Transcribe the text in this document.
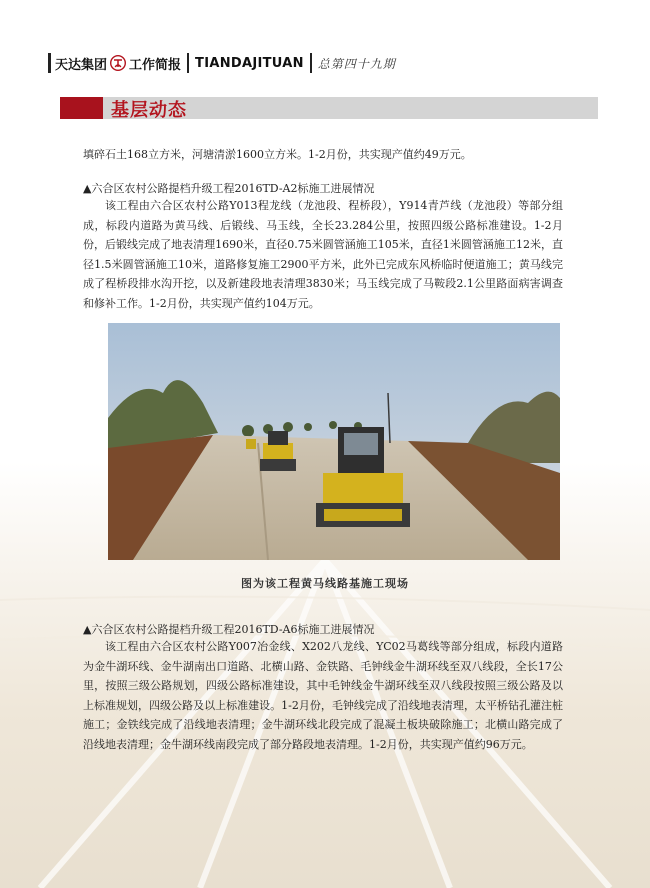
天达集团 工作简报 TIANDAJITUAN 总第四十九期
基层动态

填碎石土168立方米，河塘清淤1600立方米。1-2月份，共实现产值约49万元。

▲六合区农村公路提档升级工程2016TD-A2标施工进展情况

该工程由六合区农村公路Y013程龙线（龙池段、程桥段），Y914青芦线（龙池段）等部分组成，标段内道路为黄马线、后锻线、马玉线，全长23.284公里，按照四级公路标准建设。1-2月份，后锻线完成了地表清理1690米，直径0.75米圆管涵施工105米，直径1米圆管涵施工12米，直径1.5米圆管涵施工10米，道路修复施工2900平方米，此外已完成东风桥临时便道施工；黄马线完成了程桥段排水沟开挖，以及新建段地表清理3830米；马玉线完成了马鞍段2.1公里路面病害调查和修补工作。1-2月份，共实现产值约104万元。

图为该工程黄马线路基施工现场

▲六合区农村公路提档升级工程2016TD-A6标施工进展情况

该工程由六合区农村公路Y007冶金线、X202八龙线、YC02马葛线等部分组成，标段内道路为金牛湖环线、金牛湖南出口道路、北横山路、金铁路、毛钟线金牛湖环线至双八线段，全长17公里，按照三级公路规划，四级公路标准建设，其中毛钟线金牛湖环线至双八线段按照三级公路及以上标准规划，四级公路及以上标准建设。1-2月份，毛钟线完成了沿线地表清理，太平桥钻孔灌注桩施工；金铁线完成了沿线地表清理；金牛湖环线北段完成了混凝土板块破除施工；北横山路完成了沿线地表清理；金牛湖环线南段完成了部分路段地表清理。1-2月份，共实现产值约96万元。
